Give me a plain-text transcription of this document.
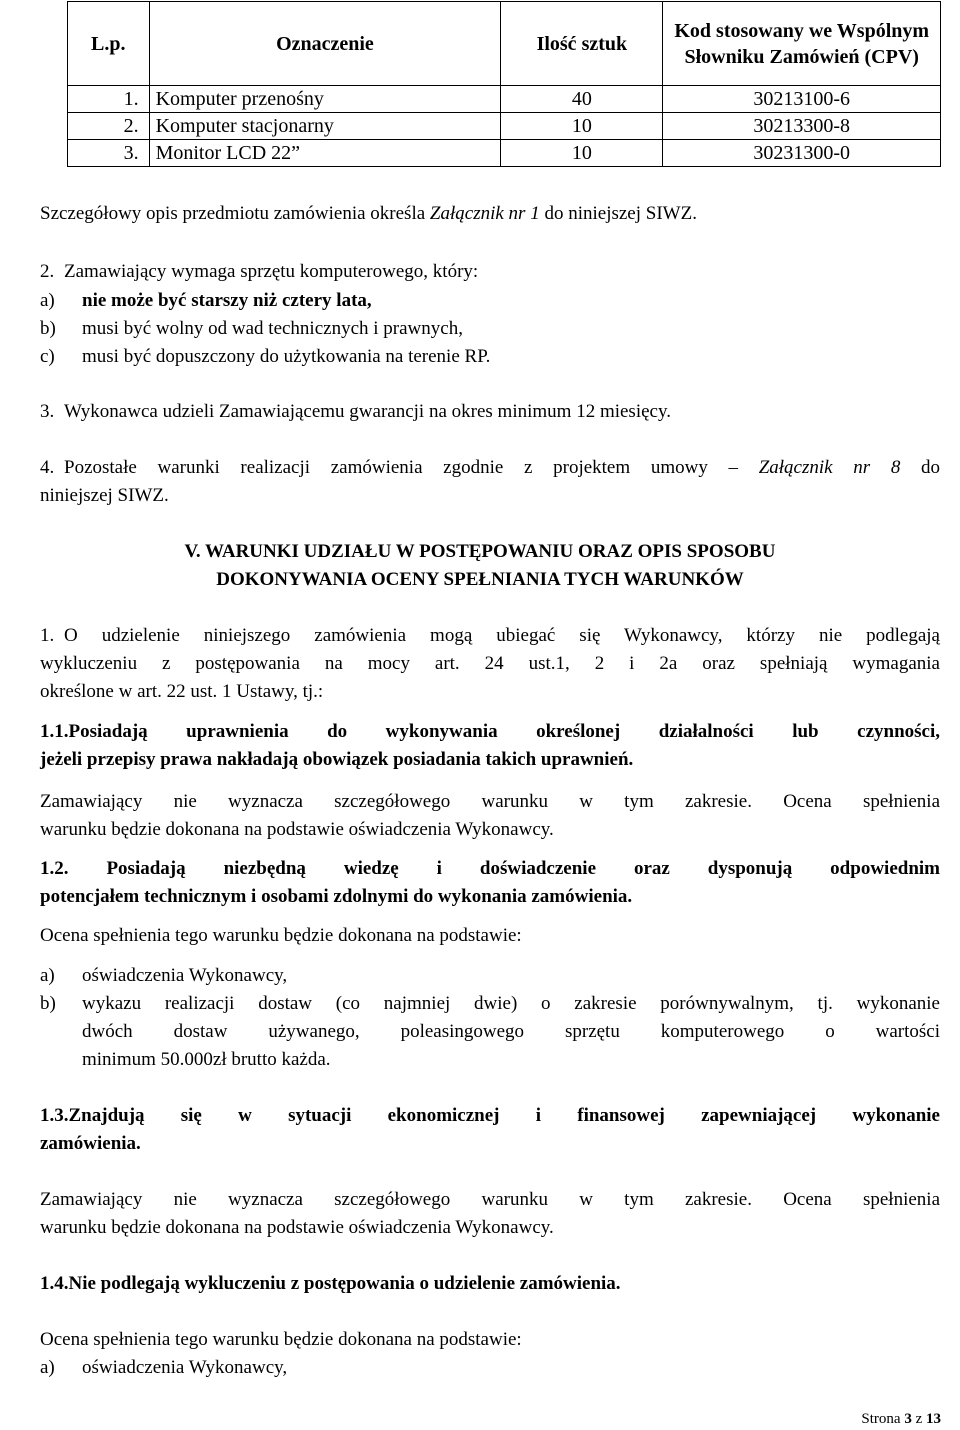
L.p.	Oznaczenie	Ilość sztuk	Kod stosowany we Wspólnym Słowniku Zamówień (CPV)
1.	Komputer przenośny	40	30213100-6
2.	Komputer stacjonarny	10	30213300-8
3.	Monitor LCD 22”	10	30231300-0
Szczegółowy opis przedmiotu zamówienia określa Załącznik nr 1 do niniejszej SIWZ.
2. Zamawiający wymaga sprzętu komputerowego, który:
a)	nie może być starszy niż cztery lata,
b)	musi być wolny od wad technicznych i prawnych,
c)	musi być dopuszczony do użytkowania na terenie RP.
3. Wykonawca udzieli Zamawiającemu gwarancji na okres minimum 12 miesięcy.
4. Pozostałe warunki realizacji zamówienia zgodnie z projektem umowy – Załącznik nr 8 do
niniejszej SIWZ.
V. WARUNKI UDZIAŁU W POSTĘPOWANIU ORAZ OPIS SPOSOBU
DOKONYWANIA OCENY SPEŁNIANIA TYCH WARUNKÓW
1. O udzielenie niniejszego zamówienia mogą ubiegać się Wykonawcy, którzy nie podlegają
wykluczeniu z postępowania na mocy art. 24 ust.1, 2 i 2a oraz spełniają wymagania
określone w art. 22 ust. 1 Ustawy, tj.:
1.1.Posiadają uprawnienia do wykonywania określonej działalności lub czynności,
jeżeli przepisy prawa nakładają obowiązek posiadania takich uprawnień.
Zamawiający nie wyznacza szczegółowego warunku w tym zakresie. Ocena spełnienia
warunku będzie dokonana na podstawie oświadczenia Wykonawcy.
1.2. Posiadają niezbędną wiedzę i doświadczenie oraz dysponują odpowiednim
potencjałem technicznym i osobami zdolnymi do wykonania zamówienia.
Ocena spełnienia tego warunku będzie dokonana na podstawie:
a)	oświadczenia Wykonawcy,
b)	wykazu realizacji dostaw (co najmniej dwie) o zakresie porównywalnym, tj. wykonanie
dwóch dostaw używanego, poleasingowego sprzętu komputerowego o wartości
minimum 50.000zł brutto każda.
1.3.Znajdują się w sytuacji ekonomicznej i finansowej zapewniającej wykonanie
zamówienia.
Zamawiający nie wyznacza szczegółowego warunku w tym zakresie. Ocena spełnienia
warunku będzie dokonana na podstawie oświadczenia Wykonawcy.
1.4.Nie podlegają wykluczeniu z postępowania o udzielenie zamówienia.
Ocena spełnienia tego warunku będzie dokonana na podstawie:
a)	oświadczenia Wykonawcy,
Strona 3 z 13
